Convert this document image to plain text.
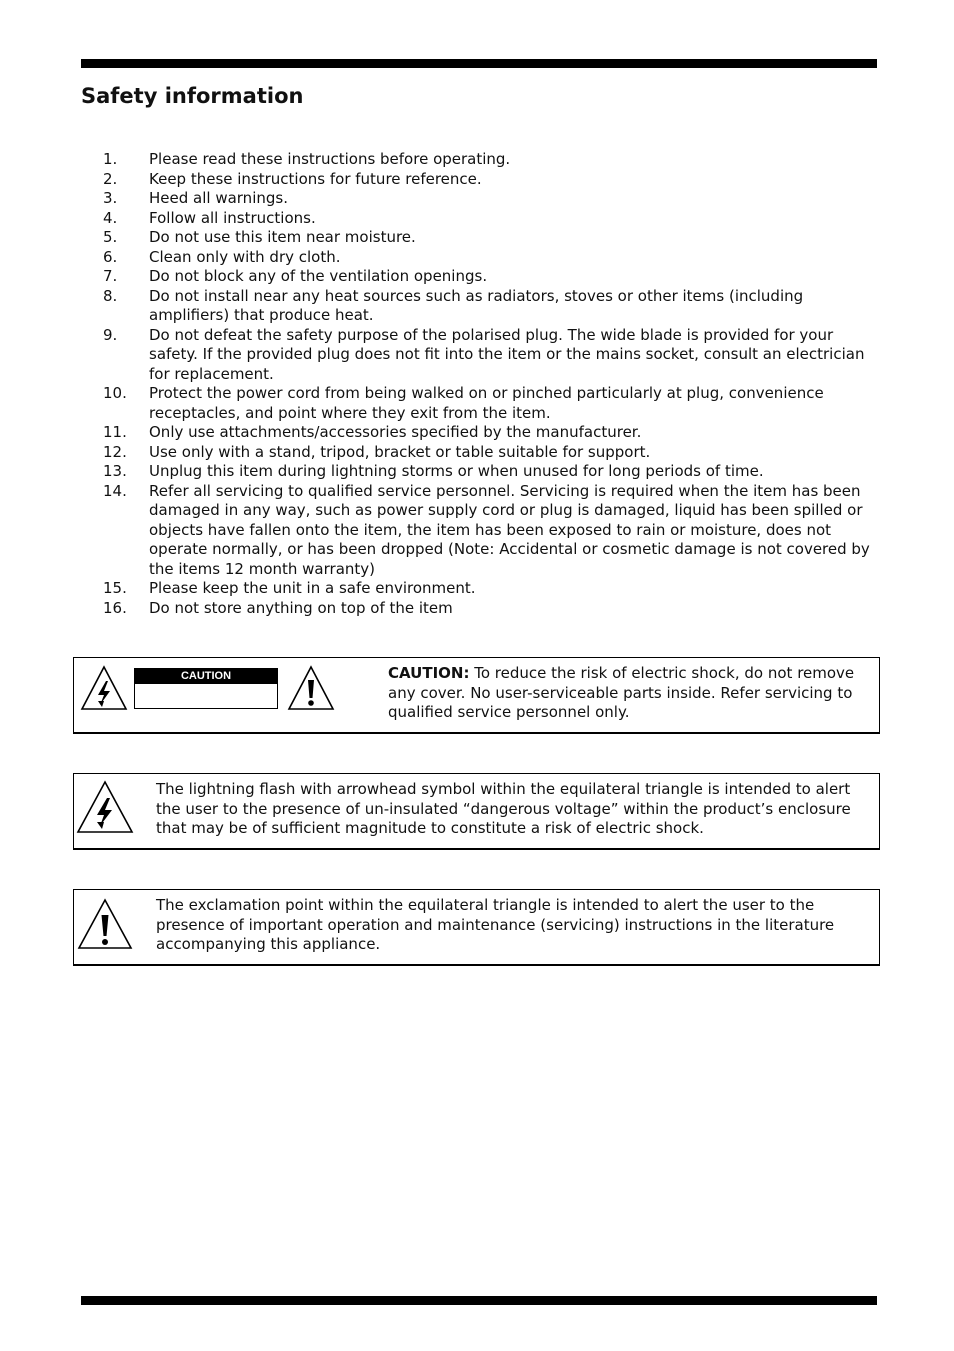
Safety information
1.	Please read these instructions before operating.
2.	Keep these instructions for future reference.
3.	Heed all warnings.
4.	Follow all instructions.
5.	Do not use this item near moisture.
6.	Clean only with dry cloth.
7.	Do not block any of the ventilation openings.
8.	Do not install near any heat sources such as radiators, stoves or other items (including amplifiers) that produce heat.
9.	Do not defeat the safety purpose of the polarised plug. The wide blade is provided for your safety. If the provided plug does not fit into the item or the mains socket, consult an electrician for replacement.
10.	Protect the power cord from being walked on or pinched particularly at plug, convenience receptacles, and point where they exit from the item.
11.	Only use attachments/accessories specified by the manufacturer.
12.	Use only with a stand, tripod, bracket or table suitable for support.
13.	Unplug this item during lightning storms or when unused for long periods of time.
14.	Refer all servicing to qualified service personnel. Servicing is required when the item has been damaged in any way, such as power supply cord or plug is damaged, liquid has been spilled or objects have fallen onto the item, the item has been exposed to rain or moisture, does not operate normally, or has been dropped (Note: Accidental or cosmetic damage is not covered by the items 12 month warranty)
15.	Please keep the unit in a safe environment.
16.	Do not store anything on top of the item
CAUTION	CAUTION: To reduce the risk of electric shock, do not remove any cover. No user-serviceable parts inside. Refer servicing to qualified service personnel only.
The lightning flash with arrowhead symbol within the equilateral triangle is intended to alert the user to the presence of un-insulated “dangerous voltage” within the product’s enclosure that may be of sufficient magnitude to constitute a risk of electric shock.
The exclamation point within the equilateral triangle is intended to alert the user to the presence of important operation and maintenance (servicing) instructions in the literature accompanying this appliance.
